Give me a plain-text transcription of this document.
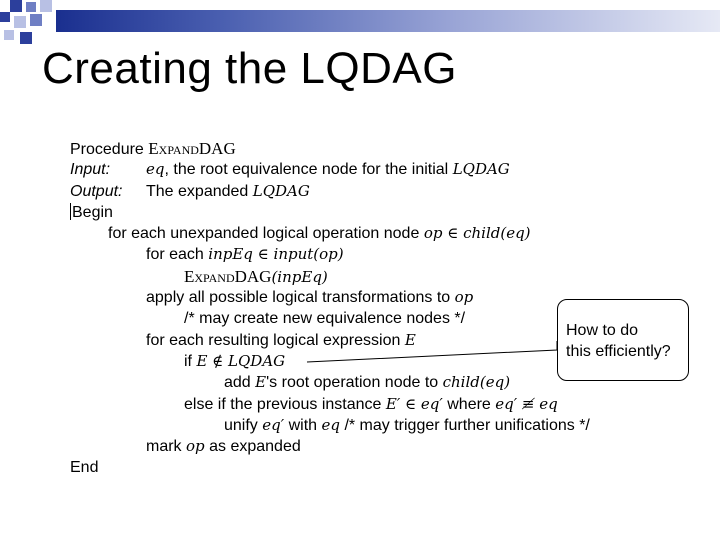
Creating the LQDAG
Procedure ExpandDAG
Input: eq, the root equivalence node for the initial LQDAG
Output: The expanded LQDAG
Begin
for each unexpanded logical operation node op ∈ child(eq)
for each inpEq ∈ input(op)
ExpandDAG(inpEq)
apply all possible logical transformations to op
/* may create new equivalence nodes */
for each resulting logical expression E
if E ∉ LQDAG
add E's root operation node to child(eq)
else if the previous instance E′ ∈ eq′ where eq′ ≢ eq
unify eq′ with eq /* may trigger further unifications */
mark op as expanded
End
How to do
this efficiently?
